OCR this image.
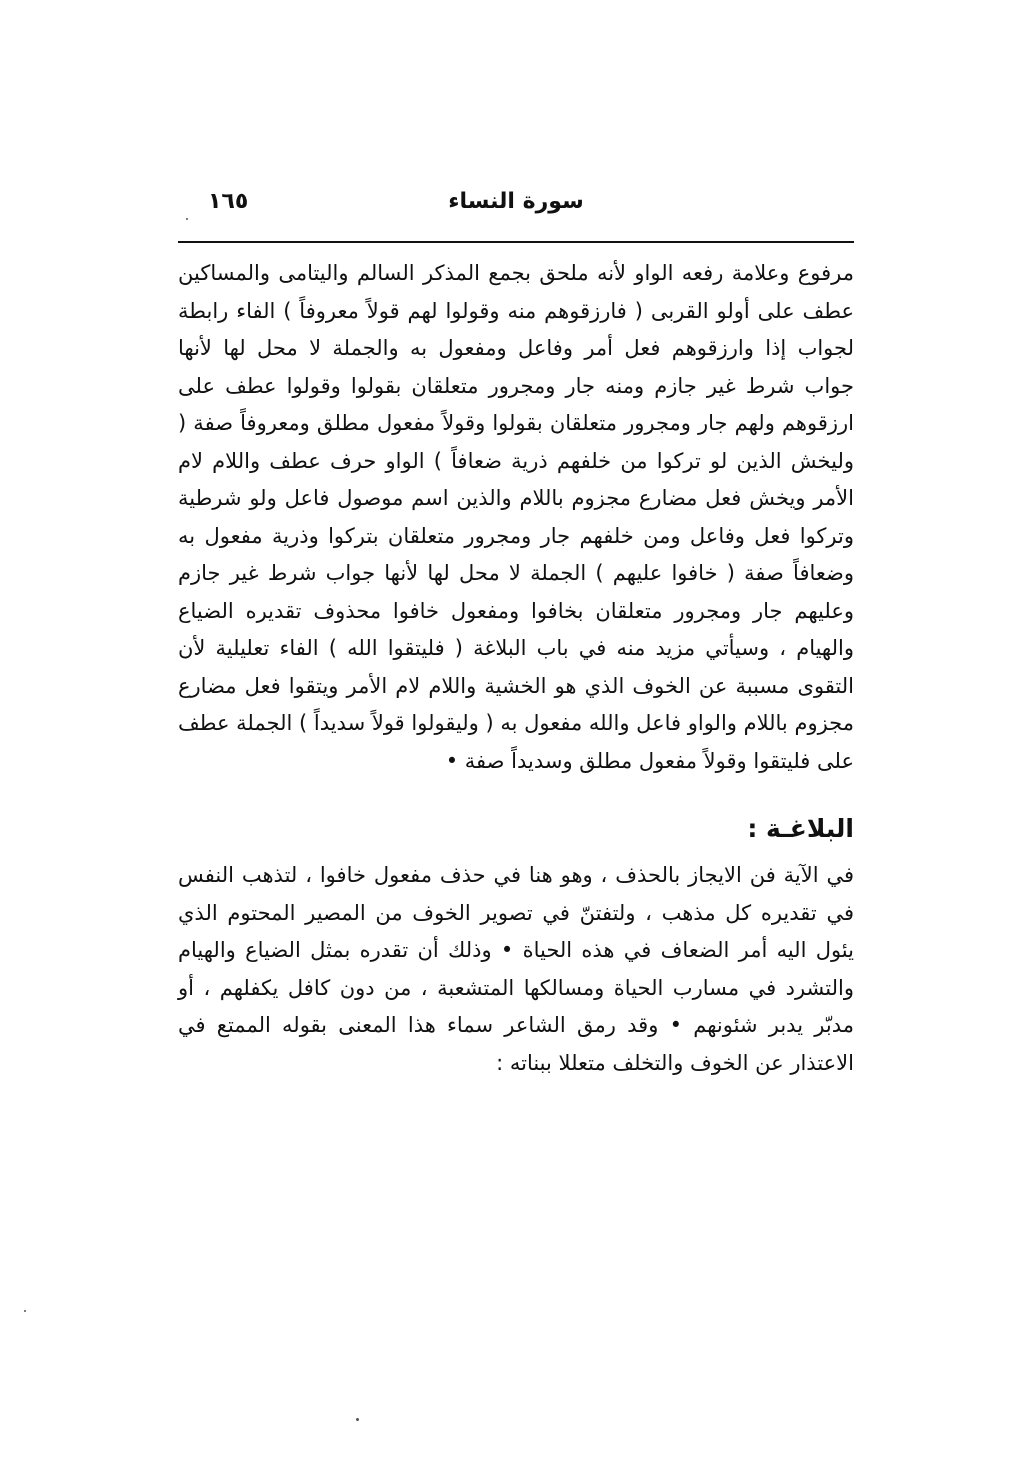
سورة النساء
١٦٥
مرفوع وعلامة رفعه الواو لأنه ملحق بجمع المذكر السالم واليتامى والمساكين عطف على أولو القربى ( فارزقوهم منه وقولوا لهم قولاً معروفاً ) الفاء رابطة لجواب إذا وارزقوهم فعل أمر وفاعل ومفعول به والجملة لا محل لها لأنها جواب شرط غير جازم ومنه جار ومجرور متعلقان بقولوا وقولوا عطف على ارزقوهم ولهم جار ومجرور متعلقان بقولوا وقولاً مفعول مطلق ومعروفاً صفة ( وليخش الذين لو تركوا من خلفهم ذرية ضعافاً ) الواو حرف عطف واللام لام الأمر ويخش فعل مضارع مجزوم باللام والذين اسم موصول فاعل ولو شرطية وتركوا فعل وفاعل ومن خلفهم جار ومجرور متعلقان بتركوا وذرية مفعول به وضعافاً صفة ( خافوا عليهم ) الجملة لا محل لها لأنها جواب شرط غير جازم وعليهم جار ومجرور متعلقان بخافوا ومفعول خافوا محذوف تقديره الضياع والهيام ، وسيأتي مزيد منه في باب البلاغة ( فليتقوا الله ) الفاء تعليلية لأن التقوى مسببة عن الخوف الذي هو الخشية واللام لام الأمر ويتقوا فعل مضارع مجزوم باللام والواو فاعل والله مفعول به ( وليقولوا قولاً سديداً ) الجملة عطف على فليتقوا وقولاً مفعول مطلق وسديداً صفة •
البلاغـة :
في الآية فن الايجاز بالحذف ، وهو هنا في حذف مفعول خافوا ، لتذهب النفس في تقديره كل مذهب ، ولتفتنّ في تصوير الخوف من المصير المحتوم الذي يئول اليه أمر الضعاف في هذه الحياة • وذلك أن تقدره بمثل الضياع والهيام والتشرد في مسارب الحياة ومسالكها المتشعبة ، من دون كافل يكفلهم ، أو مدبّر يدبر شئونهم • وقد رمق الشاعر سماء هذا المعنى بقوله الممتع في الاعتذار عن الخوف والتخلف متعللا ببناته :
